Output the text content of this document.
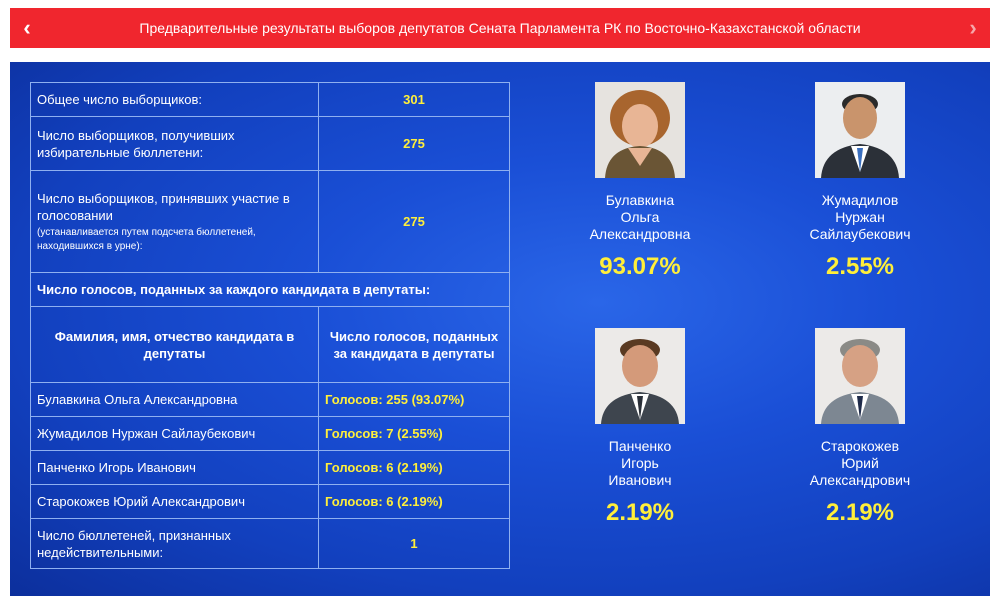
‹	Предварительные результаты выборов депутатов Сената Парламента РК по Восточно-Казахстанской области	›
Общее число выборщиков:	301
Число выборщиков, получивших избирательные бюллетени:	275
Число выборщиков, принявших участие в голосовании
(устанавливается путем подсчета бюллетеней, находившихся в урне):	275
Число голосов, поданных за каждого кандидата в депутаты:	
Фамилия, имя, отчество кандидата в депутаты	Число голосов, поданных за кандидата в депутаты
Булавкина Ольга Александровна	Голосов: 255 (93.07%)
Жумадилов Нуржан Сайлаубекович	Голосов: 7 (2.55%)
Панченко Игорь Иванович	Голосов: 6 (2.19%)
Старокожев Юрий Александрович	Голосов: 6 (2.19%)
Число бюллетеней, признанных недействительными:	1
Булавкина
Ольга
Александровна
93.07%
Жумадилов
Нуржан
Сайлаубекович
2.55%
Панченко
Игорь
Иванович
2.19%
Старокожев
Юрий
Александрович
2.19%
